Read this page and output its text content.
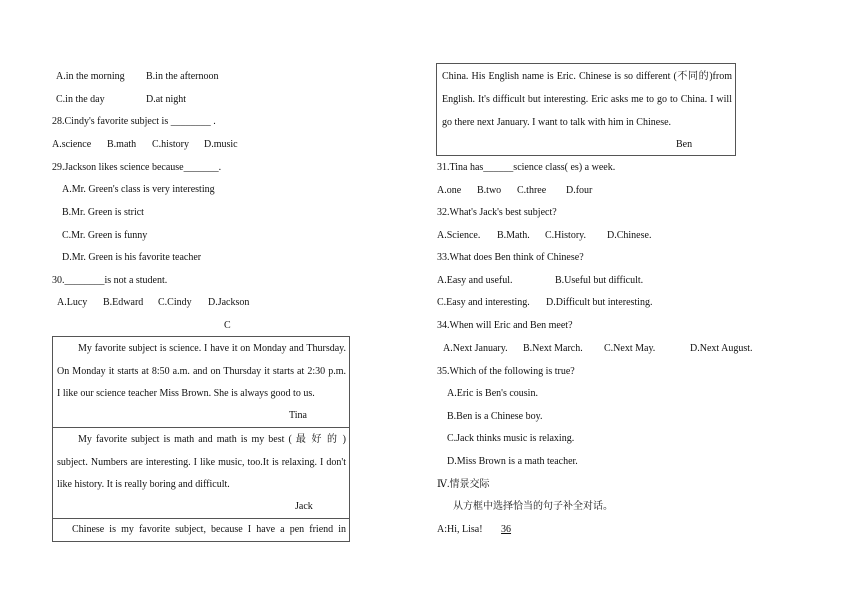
A.in the morning B.in the afternoon
C.in the day	D.at night
28.Cindy's favorite subject is ________ .
A.science B.math C.history D.music
29.Jackson likes science because_______.
A.Mr. Green's class is very interesting
B.Mr. Green is strict
C.Mr. Green is funny
D.Mr. Green is his favorite teacher
30.________is not a student.
A.Lucy B.Edward C.Cindy D.Jackson
C
My favorite subject is science. I have it on Monday and Thursday.
On Monday it starts at 8:50 a.m. and on Thursday it starts at 2:30 p.m.
I like our science teacher Miss Brown. She is always good to us.
Tina
My favorite subject is math and math is my best ( 最 好 的 )
subject. Numbers are interesting. I like music, too.It is relaxing. I don't
like history. It is really boring and difficult.
Jack
Chinese is my favorite subject, because I have a pen friend in
China. His English name is Eric. Chinese is so different (不同的)from
English. It's difficult but interesting. Eric asks me to go to China. I will
go there next January. I want to talk with him in Chinese.
Ben
31.Tina has______science class( es) a week.
A.one B.two C.three D.four
32.What's Jack's best subject?
A.Science. B.Math. C.History. D.Chinese.
33.What does Ben think of Chinese?
A.Easy and useful.	B.Useful but difficult.
C.Easy and interesting. D.Difficult but interesting.
34.When will Eric and Ben meet?
A.Next January. B.Next March. C.Next May.	D.Next August.
35.Which of the following is true?
A.Eric is Ben's cousin.
B.Ben is a Chinese boy.
C.Jack thinks music is relaxing.
D.Miss Brown is a math teacher.
Ⅳ.情景交际
从方框中选择恰当的句子补全对话。
A:Hi, Lisa! 36
